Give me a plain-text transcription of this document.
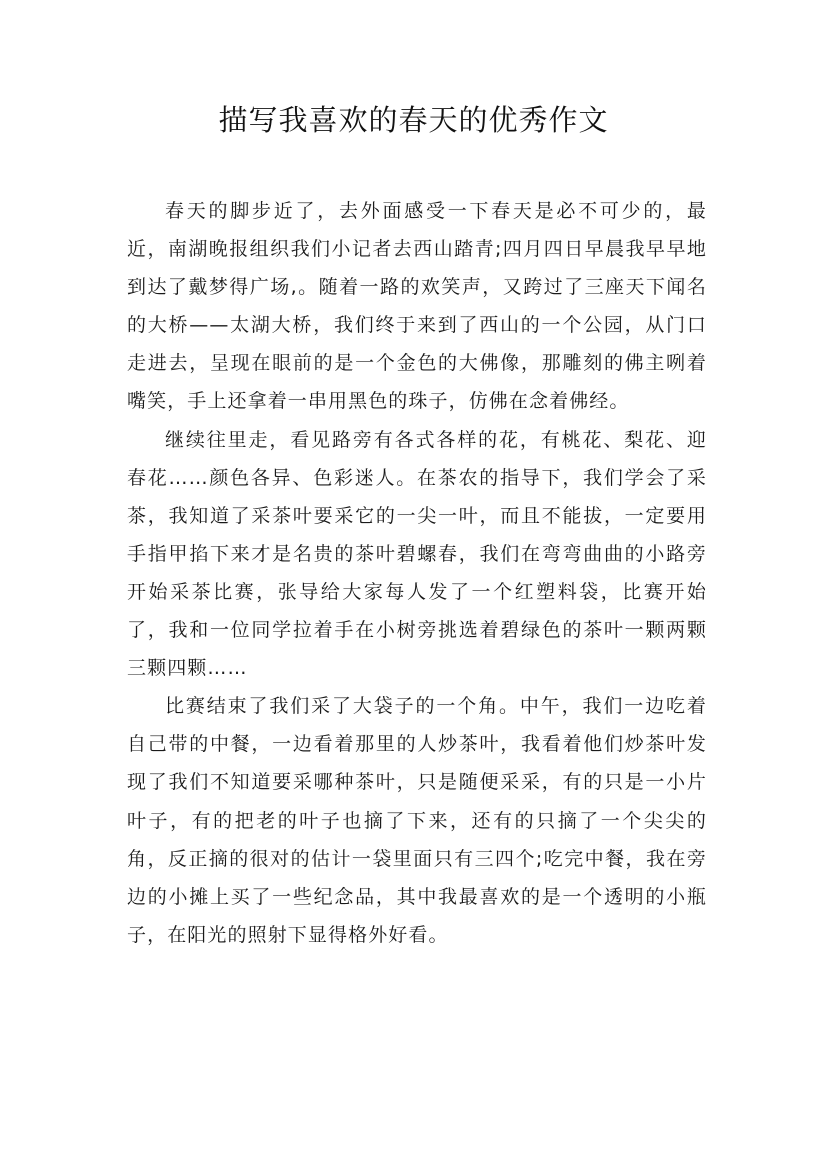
描写我喜欢的春天的优秀作文

春天的脚步近了，去外面感受一下春天是必不可少的，最近，南湖晚报组织我们小记者去西山踏青;四月四日早晨我早早地到达了戴梦得广场,。随着一路的欢笑声，又跨过了三座天下闻名的大桥——太湖大桥，我们终于来到了西山的一个公园，从门口走进去，呈现在眼前的是一个金色的大佛像，那雕刻的佛主咧着嘴笑，手上还拿着一串用黑色的珠子，仿佛在念着佛经。

继续往里走，看见路旁有各式各样的花，有桃花、梨花、迎春花……颜色各异、色彩迷人。在茶农的指导下，我们学会了采茶，我知道了采茶叶要采它的一尖一叶，而且不能拔，一定要用手指甲掐下来才是名贵的茶叶碧螺春，我们在弯弯曲曲的小路旁开始采茶比赛，张导给大家每人发了一个红塑料袋，比赛开始了，我和一位同学拉着手在小树旁挑选着碧绿色的茶叶一颗两颗三颗四颗……

比赛结束了我们采了大袋子的一个角。中午，我们一边吃着自己带的中餐，一边看着那里的人炒茶叶，我看着他们炒茶叶发现了我们不知道要采哪种茶叶，只是随便采采，有的只是一小片叶子，有的把老的叶子也摘了下来，还有的只摘了一个尖尖的角，反正摘的很对的估计一袋里面只有三四个;吃完中餐，我在旁边的小摊上买了一些纪念品，其中我最喜欢的是一个透明的小瓶子，在阳光的照射下显得格外好看。
